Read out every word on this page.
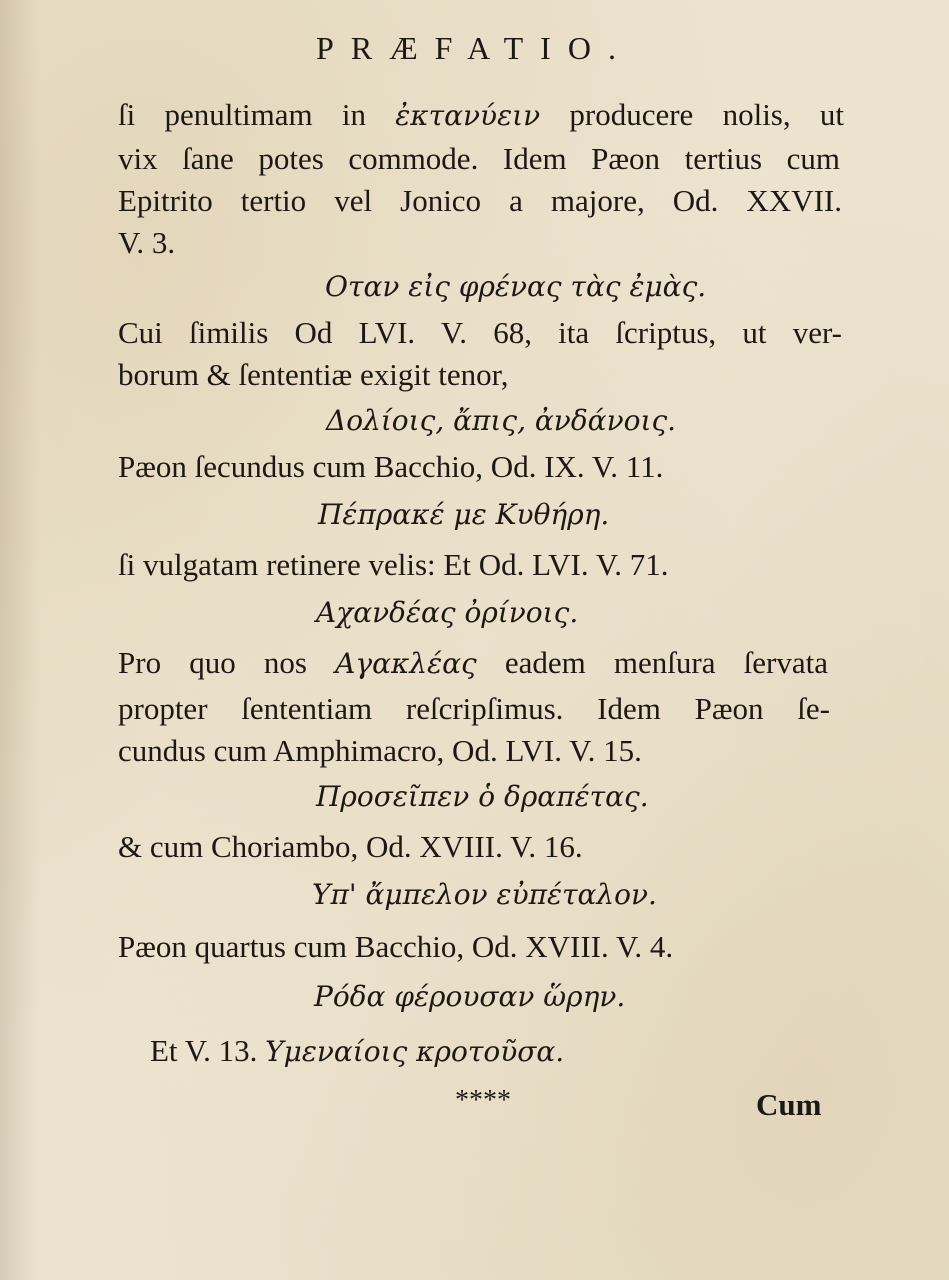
PRÆFATIO.
ſi penultimam in ἐκτανύειν producere nolis, ut
vix ſane potes commode. Idem Pæon tertius cum
Epitrito tertio vel Jonico a majore, Od. XXVII.
V. 3.
Οταν εἰς φρένας τὰς ἐμὰς.
Cui ſimilis Od LVI. V. 68, ita ſcriptus, ut ver-
borum & ſententiæ exigit tenor,
Δολίοις, ἄπις, ἀνδάνοις.
Pæon ſecundus cum Bacchio, Od. IX. V. 11.
Πέπρακέ με Κυθήρη.
ſi vulgatam retinere velis: Et Od. LVI. V. 71.
Αχανδέας ὀρίνοις.
Pro quo nos Αγακλέας eadem menſura ſervata
propter ſententiam reſcripſimus. Idem Pæon ſe-
cundus cum Amphimacro, Od. LVI. V. 15.
Προσεῖπεν ὁ δραπέτας.
& cum Choriambo, Od. XVIII. V. 16.
Υπ' ἄμπελον εὐπέταλον.
Pæon quartus cum Bacchio, Od. XVIII. V. 4.
Ρόδα φέρουσαν ὥρην.
Et V. 13. Υμεναίοις κροτοῦσα.
****	Cum
